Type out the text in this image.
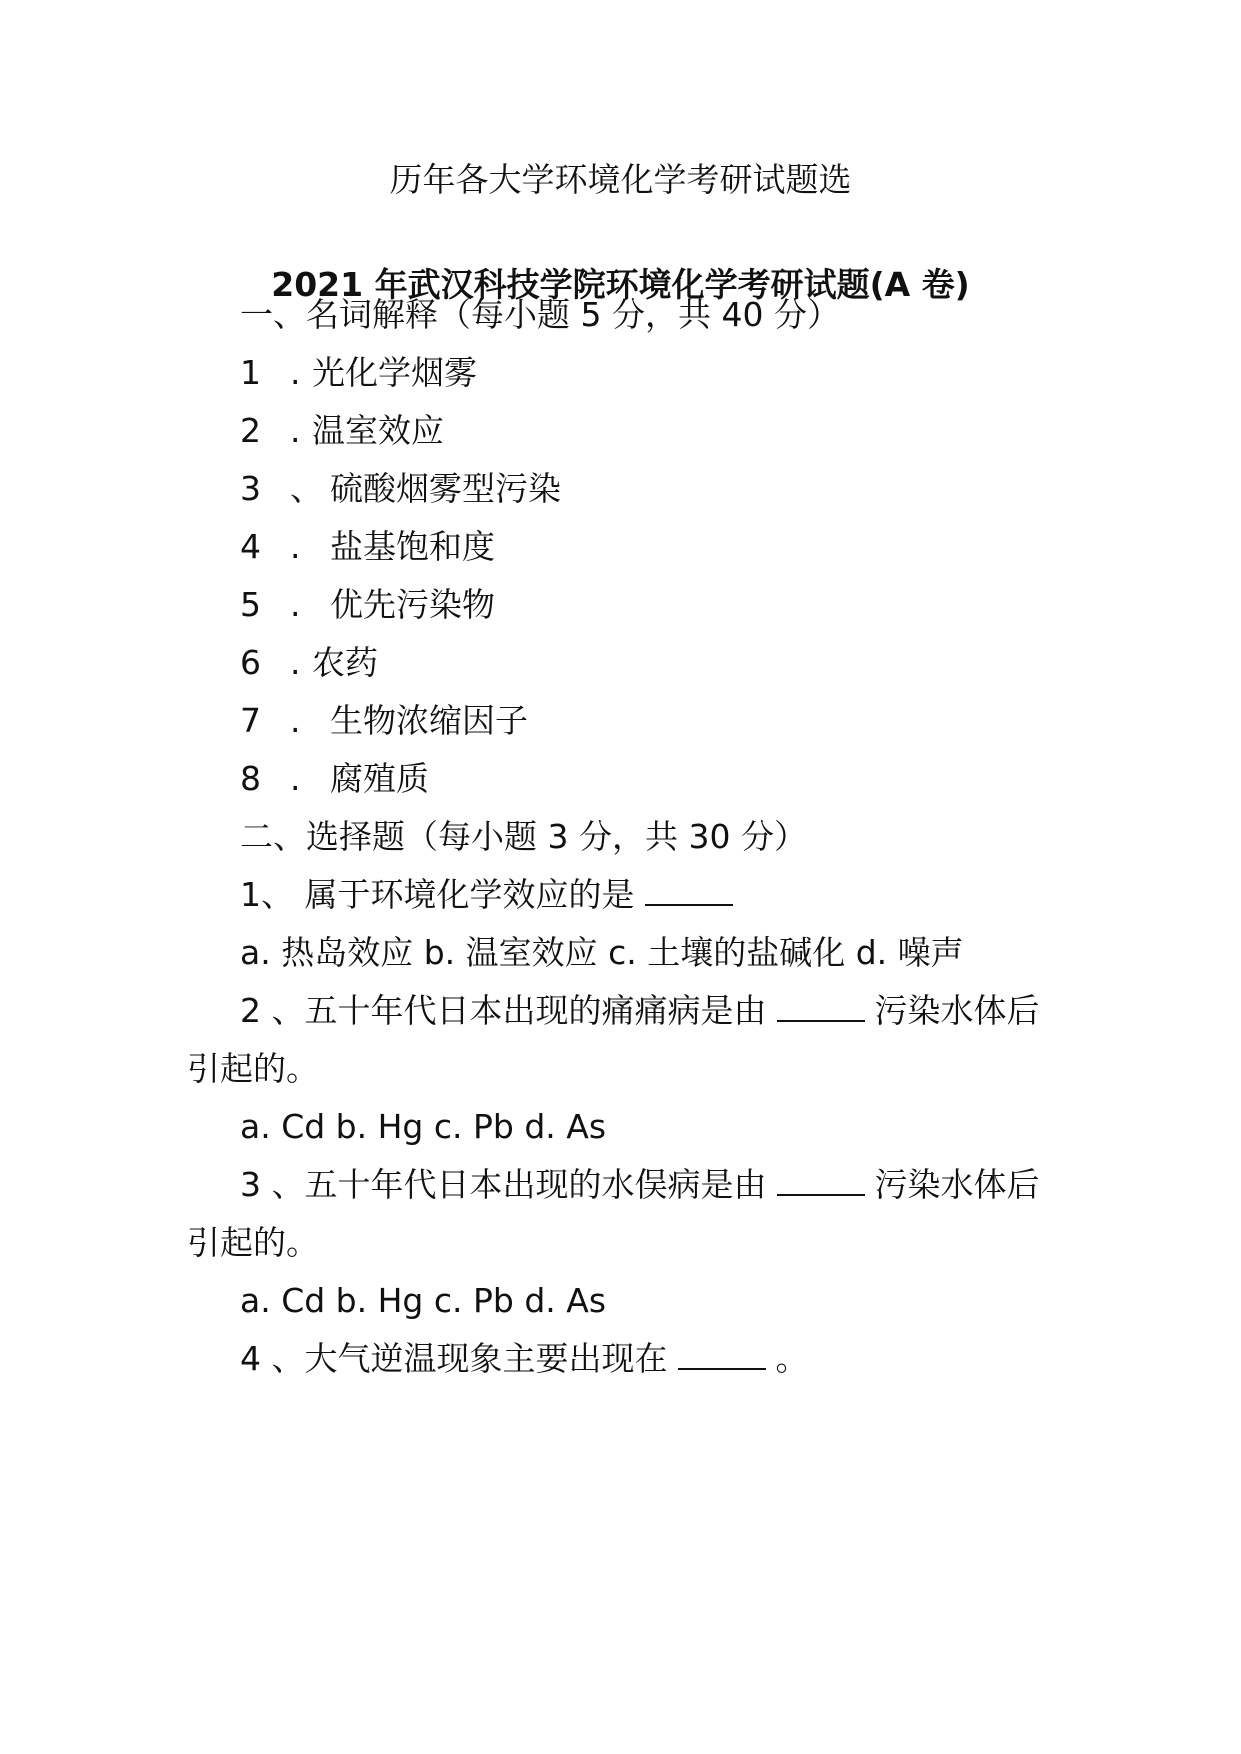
历年各大学环境化学考研试题选
2021 年武汉科技学院环境化学考研试题(A 卷)
一、名词解释（每小题 5 分，共 40 分）
1 . 光化学烟雾
2 . 温室效应
3 、 硫酸烟雾型污染
4 . 盐基饱和度
5 . 优先污染物
6 . 农药
7 . 生物浓缩因子
8 . 腐殖质
二、选择题（每小题 3 分，共 30 分）
1、 属于环境化学效应的是
a. 热岛效应 b. 温室效应 c. 土壤的盐碱化 d. 噪声
2 、五十年代日本出现的痛痛病是由	污染水体后
引起的。
a. Cd b. Hg c. Pb d. As
3 、五十年代日本出现的水俣病是由	污染水体后
引起的。
a. Cd b. Hg c. Pb d. As
4 、大气逆温现象主要出现在	。
